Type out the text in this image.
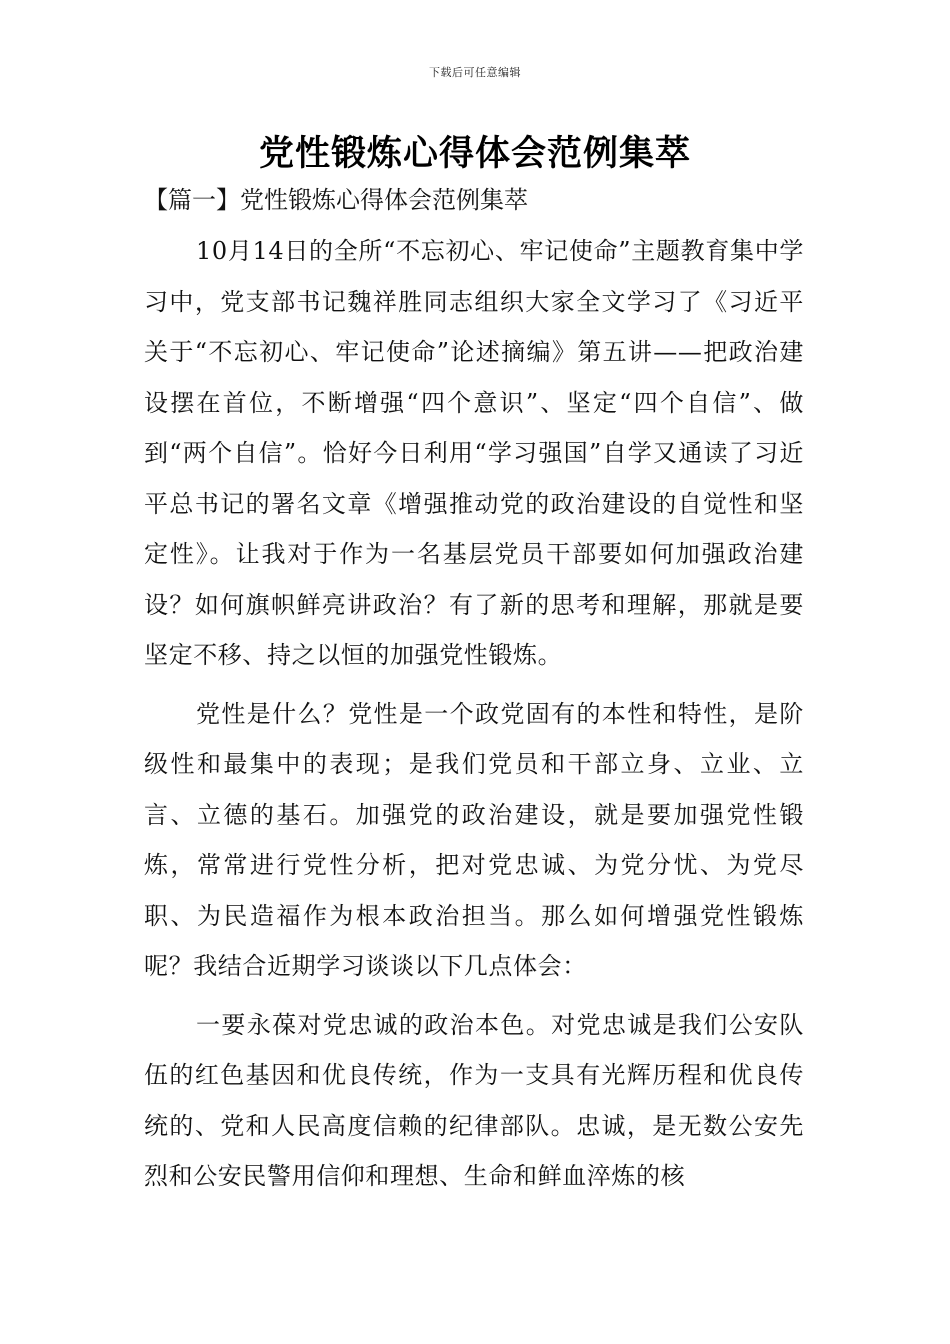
下载后可任意编辑
党性锻炼心得体会范例集萃
【篇一】党性锻炼心得体会范例集萃

10月14日的全所“不忘初心、牢记使命”主题教育集中学习中，党支部书记魏祥胜同志组织大家全文学习了《习近平关于“不忘初心、牢记使命”论述摘编》第五讲——把政治建设摆在首位，不断增强“四个意识”、坚定“四个自信”、做到“两个自信”。恰好今日利用“学习强国”自学又通读了习近平总书记的署名文章《增强推动党的政治建设的自觉性和坚定性》。让我对于作为一名基层党员干部要如何加强政治建设？如何旗帜鲜亮讲政治？有了新的思考和理解，那就是要坚定不移、持之以恒的加强党性锻炼。

党性是什么？党性是一个政党固有的本性和特性，是阶级性和最集中的表现；是我们党员和干部立身、立业、立言、立德的基石。加强党的政治建设，就是要加强党性锻炼，常常进行党性分析，把对党忠诚、为党分忧、为党尽职、为民造福作为根本政治担当。那么如何增强党性锻炼呢？我结合近期学习谈谈以下几点体会：

一要永葆对党忠诚的政治本色。对党忠诚是我们公安队伍的红色基因和优良传统，作为一支具有光辉历程和优良传统的、党和人民高度信赖的纪律部队。忠诚，是无数公安先烈和公安民警用信仰和理想、生命和鲜血淬炼的核
